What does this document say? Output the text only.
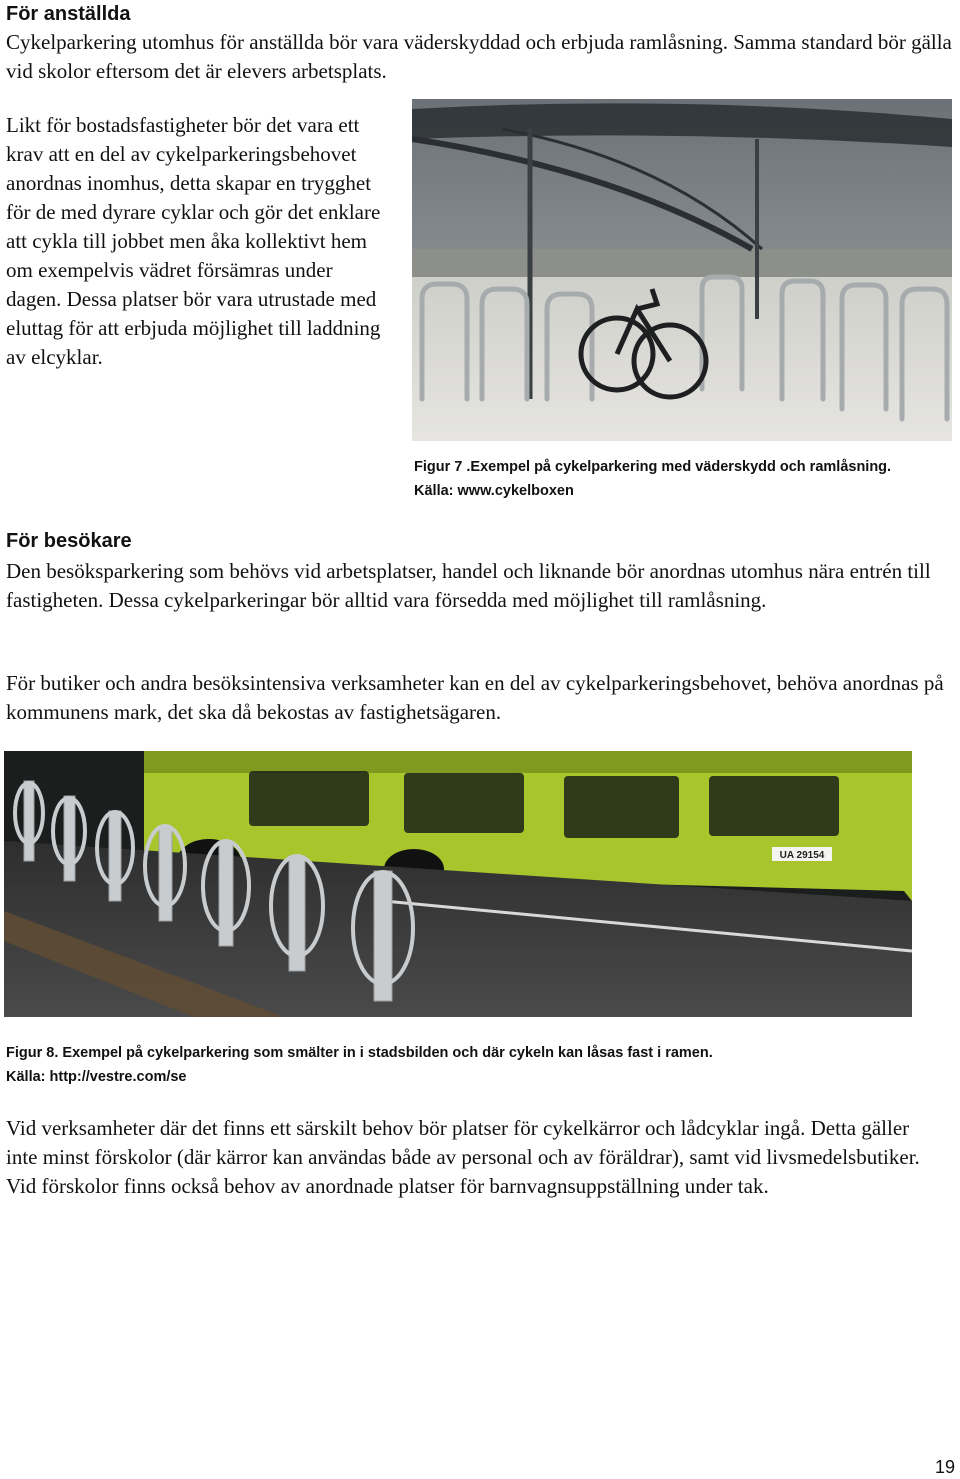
För anställda

Cykelparkering utomhus för anställda bör vara väderskyddad och erbjuda ramlåsning. Samma standard bör gälla vid skolor eftersom det är elevers arbetsplats.

Likt för bostadsfastigheter bör det vara ett krav att en del av cykelparkeringsbehovet anordnas inomhus, detta skapar en trygghet för de med dyrare cyklar och gör det enklare att cykla till jobbet men åka kollektivt hem om exempelvis vädret försämras under dagen. Dessa platser bör vara utrustade med eluttag för att erbjuda möjlighet till laddning av elcyklar.

Figur 7 .Exempel på cykelparkering med väderskydd och ramlåsning.
Källa: www.cykelboxen
För besökare

Den besöksparkering som behövs vid arbetsplatser, handel och liknande bör anordnas utomhus nära entrén till fastigheten. Dessa cykelparkeringar bör alltid vara försedda med möjlighet till ramlåsning.

För butiker och andra besöksintensiva verksamheter kan en del av cykelparkeringsbehovet, behöva anordnas på kommunens mark, det ska då bekostas av fastighetsägaren.

UA 29154
Figur 8. Exempel på cykelparkering som smälter in i stadsbilden och där cykeln kan låsas fast i ramen.
Källa: http://vestre.com/se

Vid verksamheter där det finns ett särskilt behov bör platser för cykelkärror och lådcyklar ingå. Detta gäller inte minst förskolor (där kärror kan användas både av personal och av föräldrar), samt vid livsmedelsbutiker. Vid förskolor finns också behov av anordnade platser för barnvagnsuppställning under tak.

19
